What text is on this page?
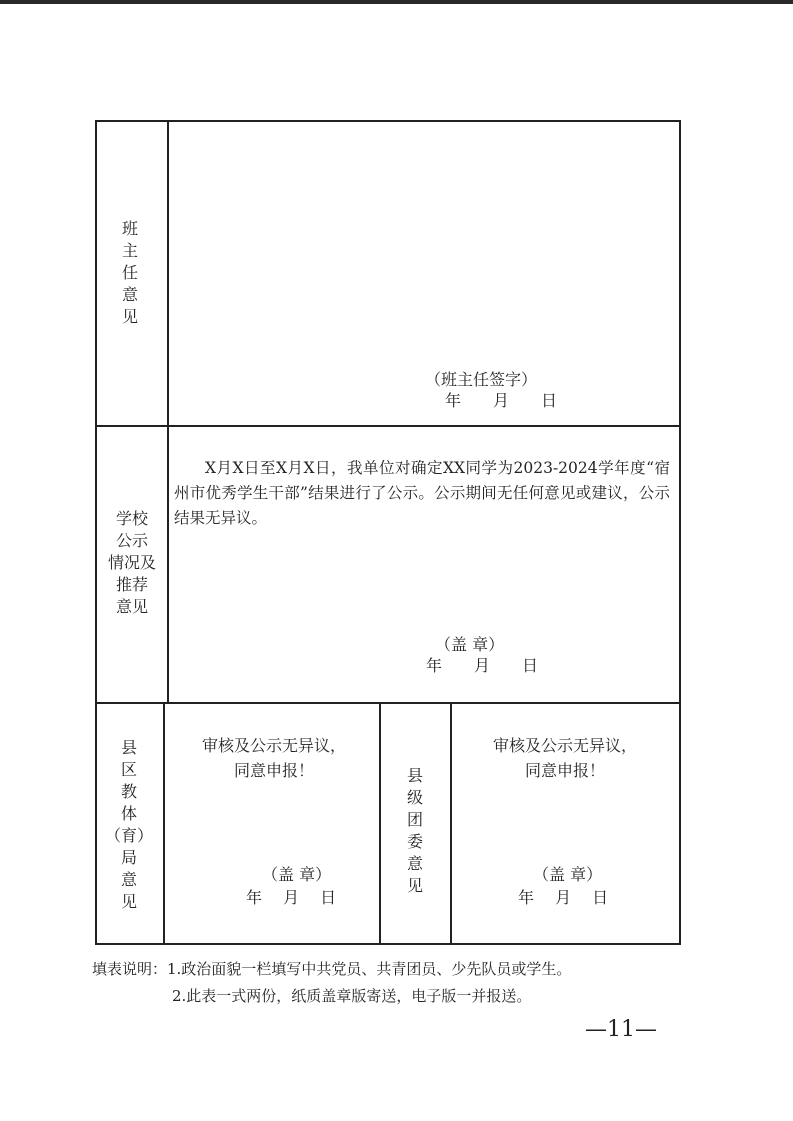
班
主
任
意
见
（班主任签字）
年　　月　　日
学校
公示
情况及
推荐
意见
X月X日至X月X日，我单位对确定XX同学为2023-2024学年度“宿州市优秀学生干部”结果进行了公示。公示期间无任何意见或建议，公示结果无异议。
（盖 章）
年　　月　　日
县
区
教
体
（育）
局
意
见
审核及公示无异议，
同意申报！
（盖 章）
年　 月　 日
县
级
团
委
意
见
审核及公示无异议，
同意申报！
（盖 章）
年　 月　 日
填表说明：1.政治面貌一栏填写中共党员、共青团员、少先队员或学生。
2.此表一式两份，纸质盖章版寄送，电子版一并报送。
—11—
